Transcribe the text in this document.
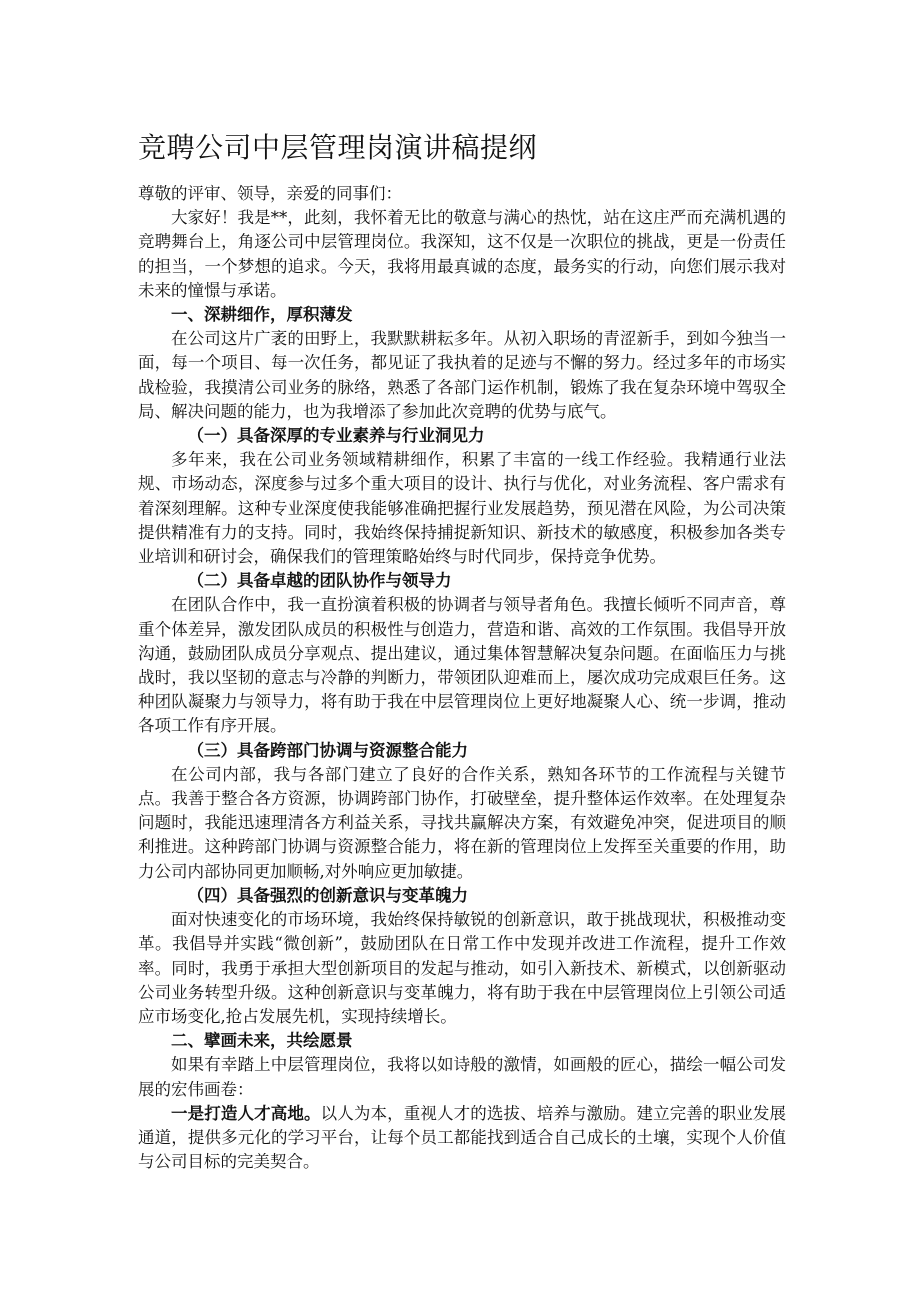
竞聘公司中层管理岗演讲稿提纲

尊敬的评审、领导，亲爱的同事们：

大家好！我是**，此刻，我怀着无比的敬意与满心的热忱，站在这庄严而充满机遇的竞聘舞台上，角逐公司中层管理岗位。我深知，这不仅是一次职位的挑战，更是一份责任的担当，一个梦想的追求。今天，我将用最真诚的态度，最务实的行动，向您们展示我对未来的憧憬与承诺。

一、深耕细作，厚积薄发

在公司这片广袤的田野上，我默默耕耘多年。从初入职场的青涩新手，到如今独当一面，每一个项目、每一次任务，都见证了我执着的足迹与不懈的努力。经过多年的市场实战检验，我摸清公司业务的脉络，熟悉了各部门运作机制，锻炼了我在复杂环境中驾驭全局、解决问题的能力，也为我增添了参加此次竞聘的优势与底气。

（一）具备深厚的专业素养与行业洞见力

多年来，我在公司业务领域精耕细作，积累了丰富的一线工作经验。我精通行业法规、市场动态，深度参与过多个重大项目的设计、执行与优化，对业务流程、客户需求有着深刻理解。这种专业深度使我能够准确把握行业发展趋势，预见潜在风险，为公司决策提供精准有力的支持。同时，我始终保持捕捉新知识、新技术的敏感度，积极参加各类专业培训和研讨会，确保我们的管理策略始终与时代同步，保持竞争优势。

（二）具备卓越的团队协作与领导力

在团队合作中，我一直扮演着积极的协调者与领导者角色。我擅长倾听不同声音，尊重个体差异，激发团队成员的积极性与创造力，营造和谐、高效的工作氛围。我倡导开放沟通，鼓励团队成员分享观点、提出建议，通过集体智慧解决复杂问题。在面临压力与挑战时，我以坚韧的意志与冷静的判断力，带领团队迎难而上，屡次成功完成艰巨任务。这种团队凝聚力与领导力，将有助于我在中层管理岗位上更好地凝聚人心、统一步调，推动各项工作有序开展。

（三）具备跨部门协调与资源整合能力

在公司内部，我与各部门建立了良好的合作关系，熟知各环节的工作流程与关键节点。我善于整合各方资源，协调跨部门协作，打破壁垒，提升整体运作效率。在处理复杂问题时，我能迅速理清各方利益关系，寻找共赢解决方案，有效避免冲突，促进项目的顺利推进。这种跨部门协调与资源整合能力，将在新的管理岗位上发挥至关重要的作用，助力公司内部协同更加顺畅,对外响应更加敏捷。

（四）具备强烈的创新意识与变革魄力

面对快速变化的市场环境，我始终保持敏锐的创新意识，敢于挑战现状，积极推动变革。我倡导并实践“微创新”，鼓励团队在日常工作中发现并改进工作流程，提升工作效率。同时，我勇于承担大型创新项目的发起与推动，如引入新技术、新模式，以创新驱动公司业务转型升级。这种创新意识与变革魄力，将有助于我在中层管理岗位上引领公司适应市场变化,抢占发展先机，实现持续增长。

二、擘画未来，共绘愿景

如果有幸踏上中层管理岗位，我将以如诗般的激情，如画般的匠心，描绘一幅公司发展的宏伟画卷：

一是打造人才高地。以人为本，重视人才的选拔、培养与激励。建立完善的职业发展通道，提供多元化的学习平台，让每个员工都能找到适合自己成长的土壤，实现个人价值与公司目标的完美契合。
